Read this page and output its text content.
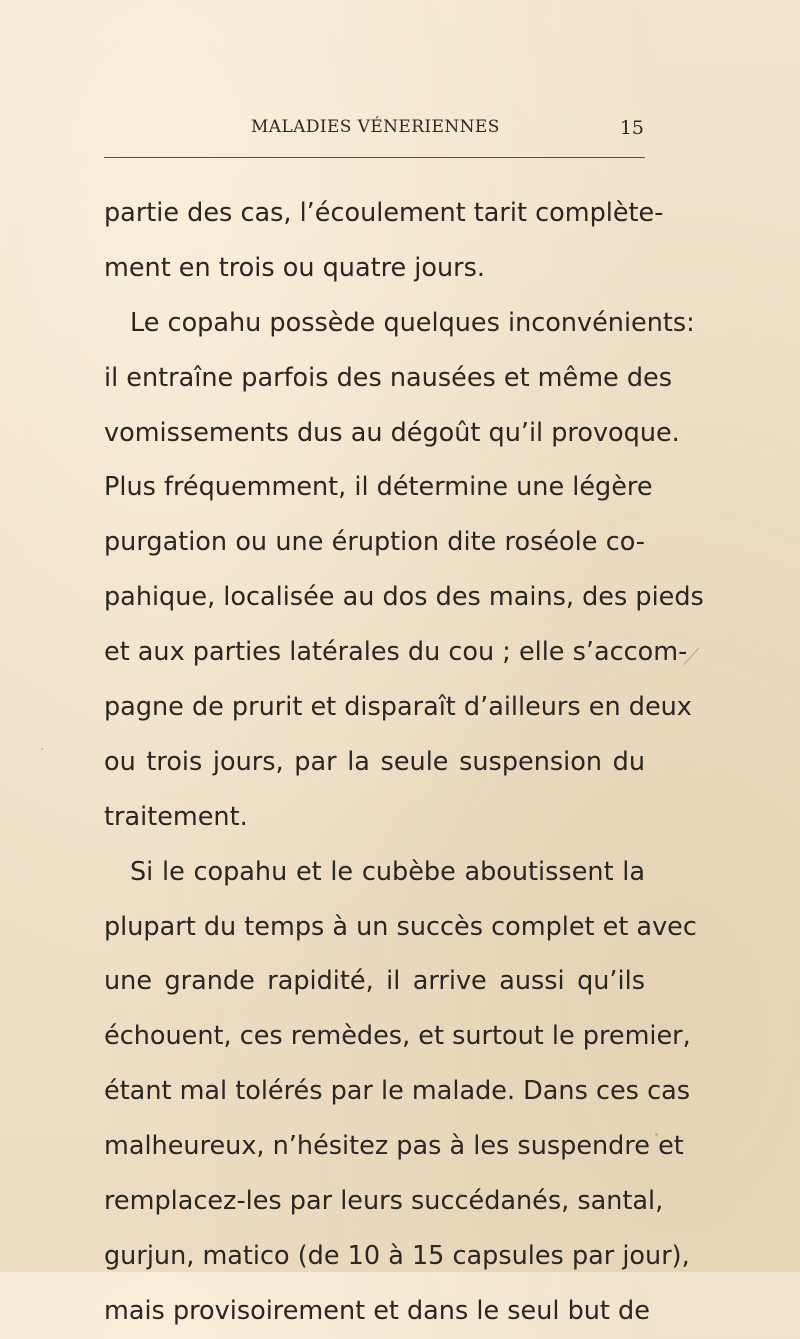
MALADIES VÉNERIENNES	15
partie des cas, l’écoulement tarit complète-
ment en trois ou quatre jours.
Le copahu possède quelques inconvénients:
il entraîne parfois des nausées et même des
vomissements dus au dégoût qu’il provoque.
Plus fréquemment, il détermine une légère
purgation ou une éruption dite roséole co-
pahique, localisée au dos des mains, des pieds
et aux parties latérales du cou ; elle s’accom-
pagne de prurit et disparaît d’ailleurs en deux
ou trois jours, par la seule suspension du
traitement.
Si le copahu et le cubèbe aboutissent la
plupart du temps à un succès complet et avec
une grande rapidité, il arrive aussi qu’ils
échouent, ces remèdes, et surtout le premier,
étant mal tolérés par le malade. Dans ces cas
malheureux, n’hésitez pas à les suspendre et
remplacez-les par leurs succédanés, santal,
gurjun, matico (de 10 à 15 capsules par jour),
mais provisoirement et dans le seul but de
